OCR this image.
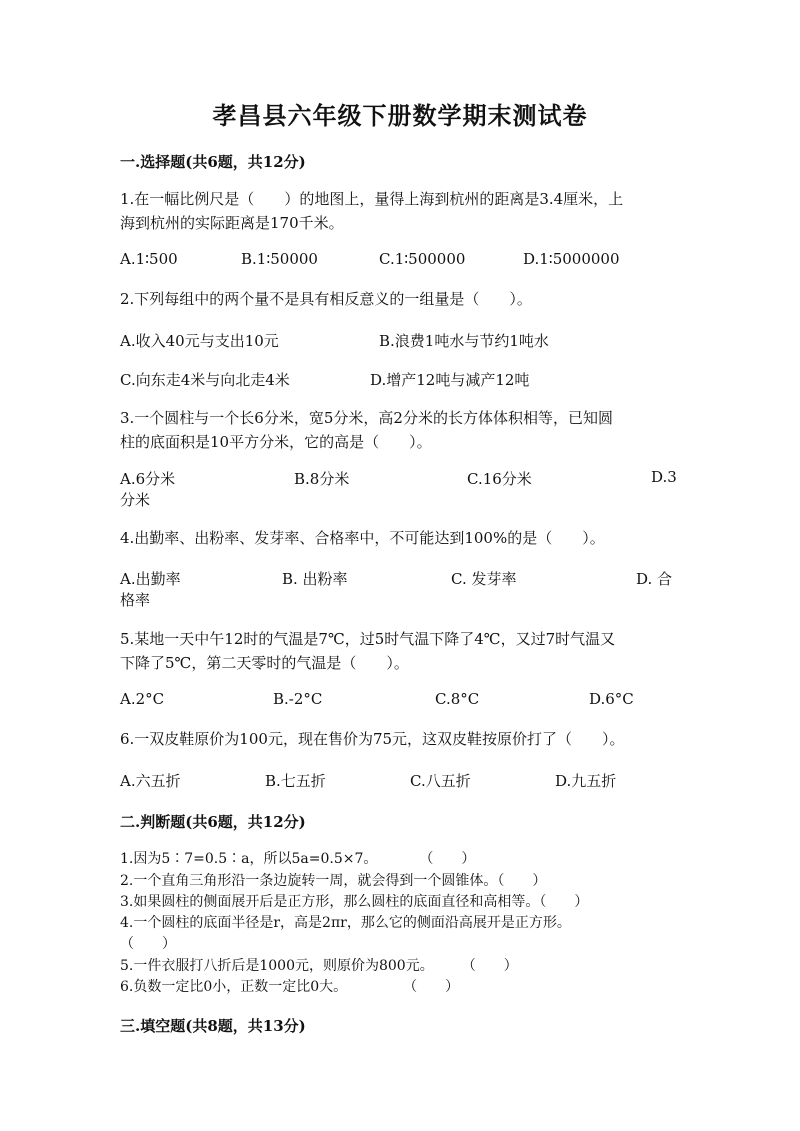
孝昌县六年级下册数学期末测试卷
一.选择题(共6题，共12分)
1.在一幅比例尺是（　　）的地图上，量得上海到杭州的距离是3.4厘米，上
海到杭州的实际距离是170千米。
A.1∶500	B.1∶50000	C.1∶500000	D.1∶5000000
2.下列每组中的两个量不是具有相反意义的一组量是（　　）。
A.收入40元与支出10元	B.浪费1吨水与节约1吨水
C.向东走4米与向北走4米	D.增产12吨与减产12吨
3.一个圆柱与一个长6分米，宽5分米，高2分米的长方体体积相等，已知圆
柱的底面积是10平方分米，它的高是（　　）。
A.6分米	B.8分米	C.16分米	D.3
分米
4.出勤率、出粉率、发芽率、合格率中，不可能达到100%的是（　　）。
A.出勤率	B. 出粉率	C. 发芽率	D. 合
格率
5.某地一天中午12时的气温是7℃，过5时气温下降了4℃，又过7时气温又
下降了5℃，第二天零时的气温是（　　）。
A.2°C	B.-2°C	C.8°C	D.6°C
6.一双皮鞋原价为100元，现在售价为75元，这双皮鞋按原价打了（　　）。
A.六五折	B.七五折	C.八五折	D.九五折
二.判断题(共6题，共12分)
1.因为5∶7=0.5∶a，所以5a=0.5×7。　　　　（　　）
2.一个直角三角形沿一条边旋转一周，就会得到一个圆锥体。（　　）
3.如果圆柱的侧面展开后是正方形，那么圆柱的底面直径和高相等。（　　）
4.一个圆柱的底面半径是r，高是2πr，那么它的侧面沿高展开是正方形。
（　　）
5.一件衣服打八折后是1000元，则原价为800元。　　　（　　）
6.负数一定比0小，正数一定比0大。　　　　　（　　）
三.填空题(共8题，共13分)
